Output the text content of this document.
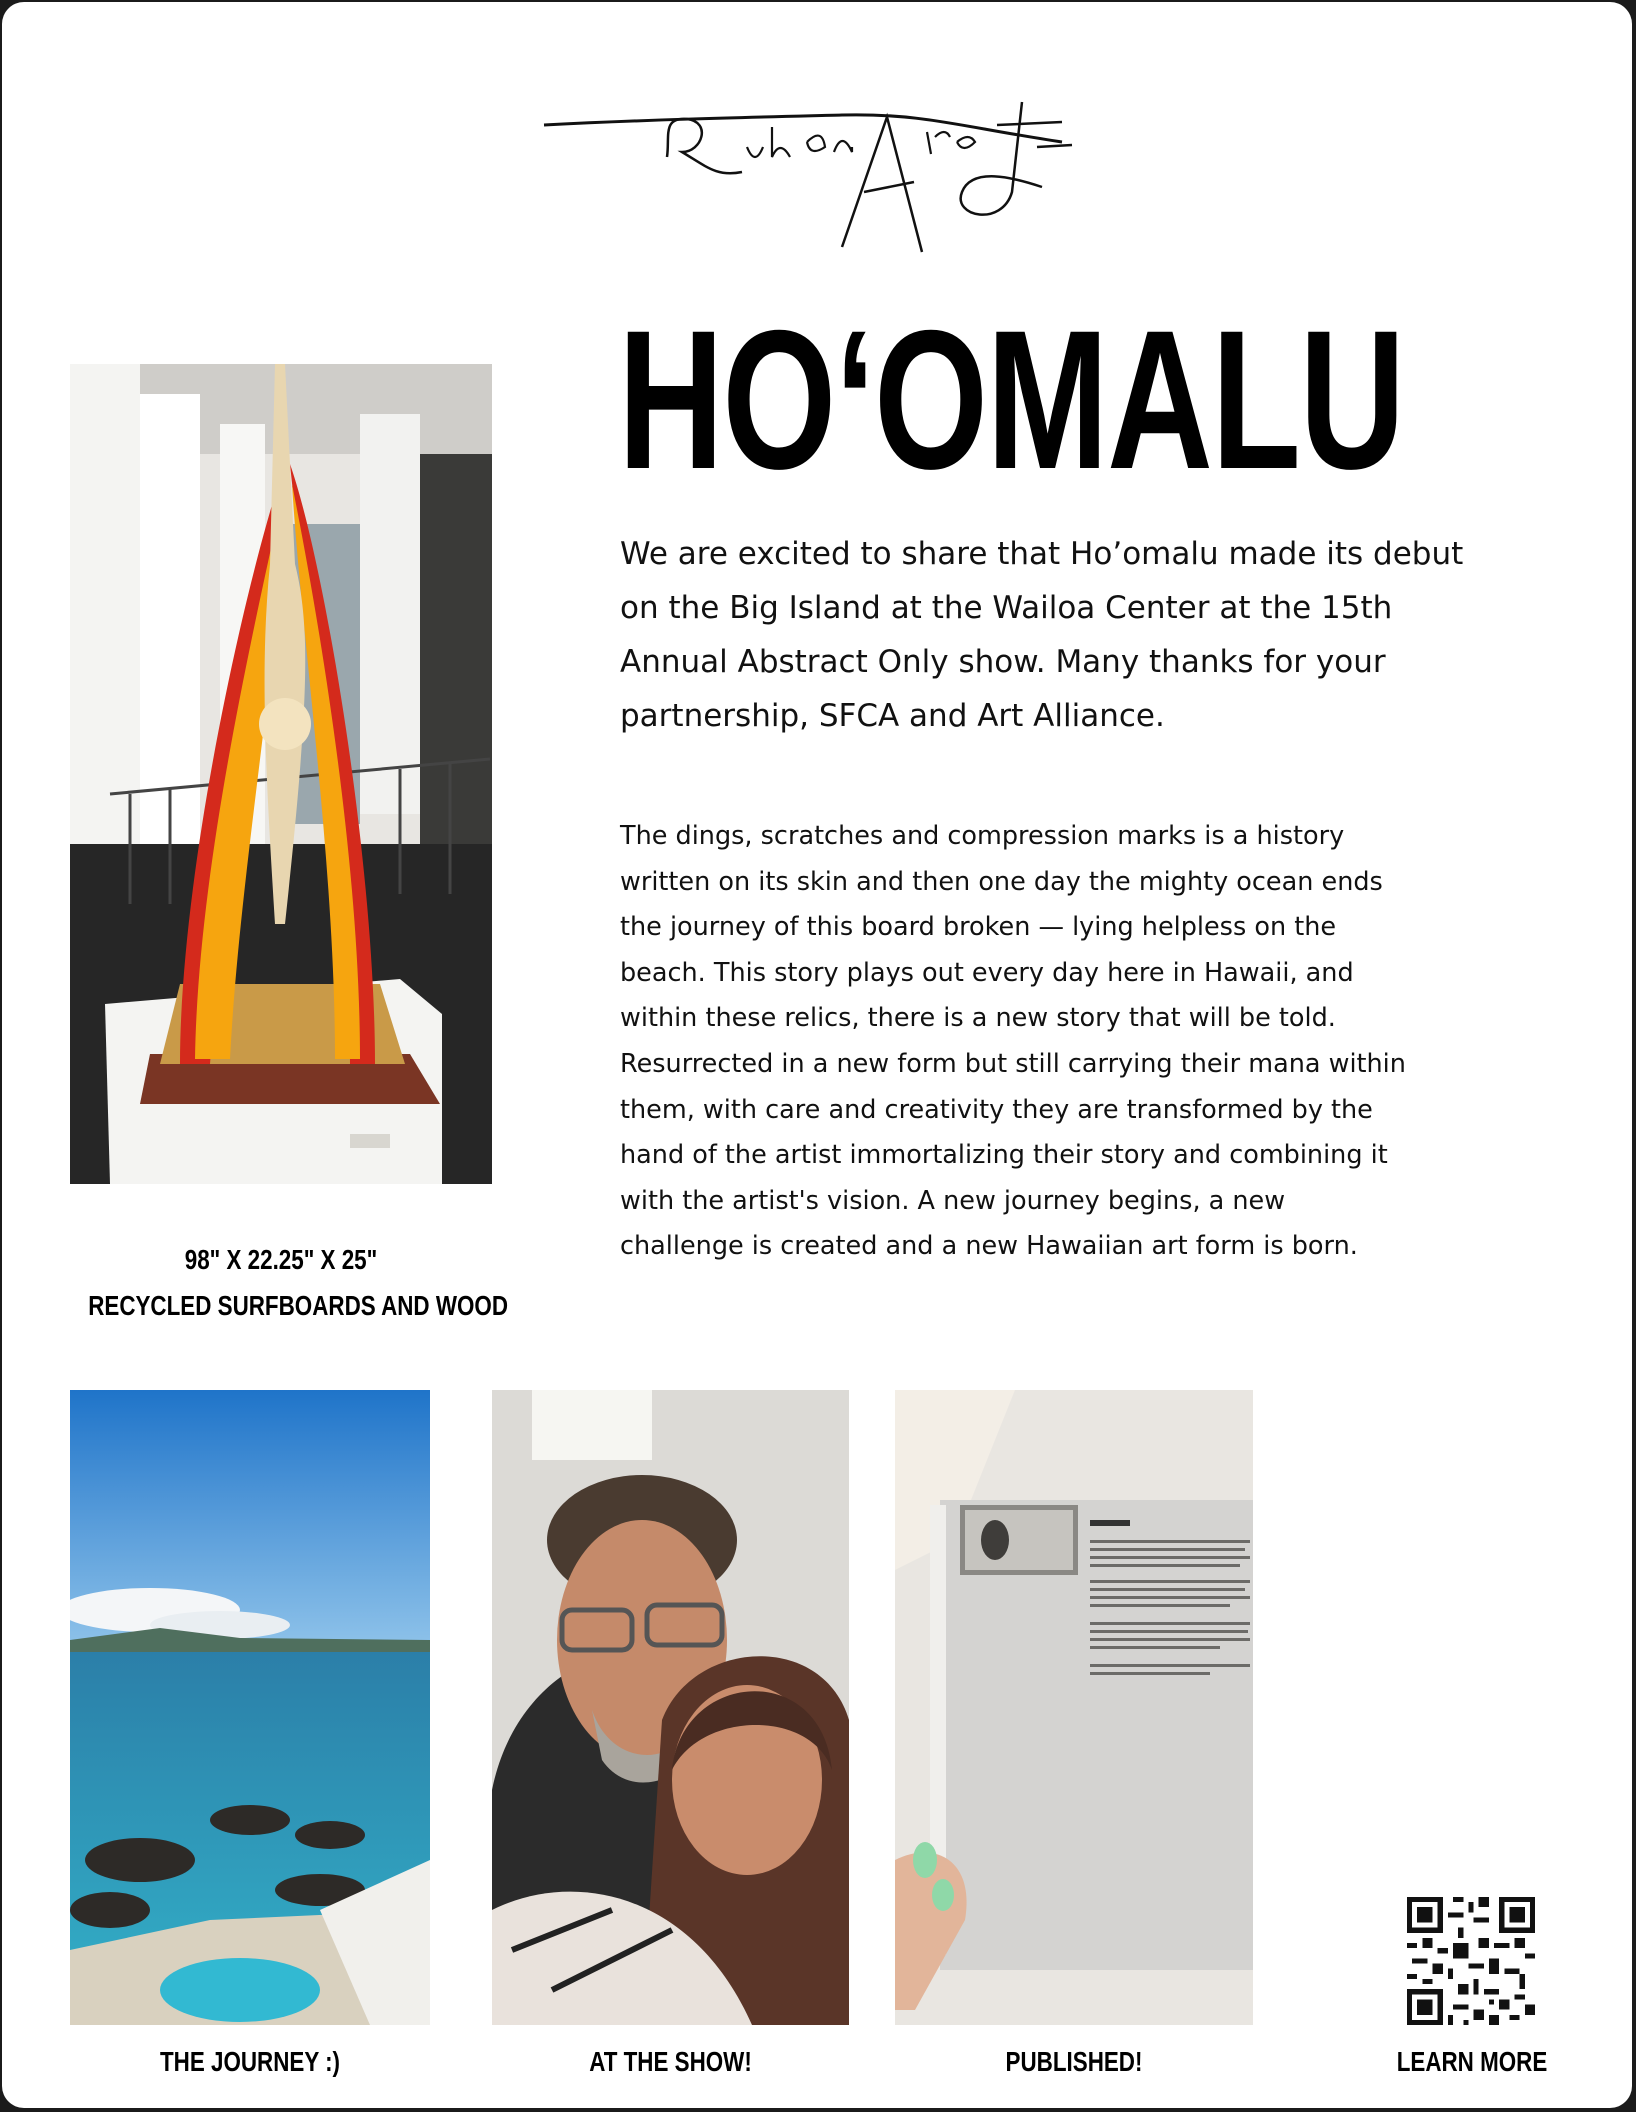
HO‘OMALU

We are excited to share that Ho’omalu made its debut on the Big Island at the Wailoa Center at the 15th Annual Abstract Only show. Many thanks for your partnership, SFCA and Art Alliance.

The dings, scratches and compression marks is a history written on its skin and then one day the mighty ocean ends the journey of this board broken — lying helpless on the beach. This story plays out every day here in Hawaii, and within these relics, there is a new story that will be told. Resurrected in a new form but still carrying their mana within them, with care and creativity they are transformed by the hand of the artist immortalizing their story and combining it with the artist's vision. A new journey begins, a new challenge is created and a new Hawaiian art form is born.

98" X 22.25" X 25"

RECYCLED SURFBOARDS AND WOOD

THE JOURNEY :)	AT THE SHOW!	PUBLISHED!	LEARN MORE
